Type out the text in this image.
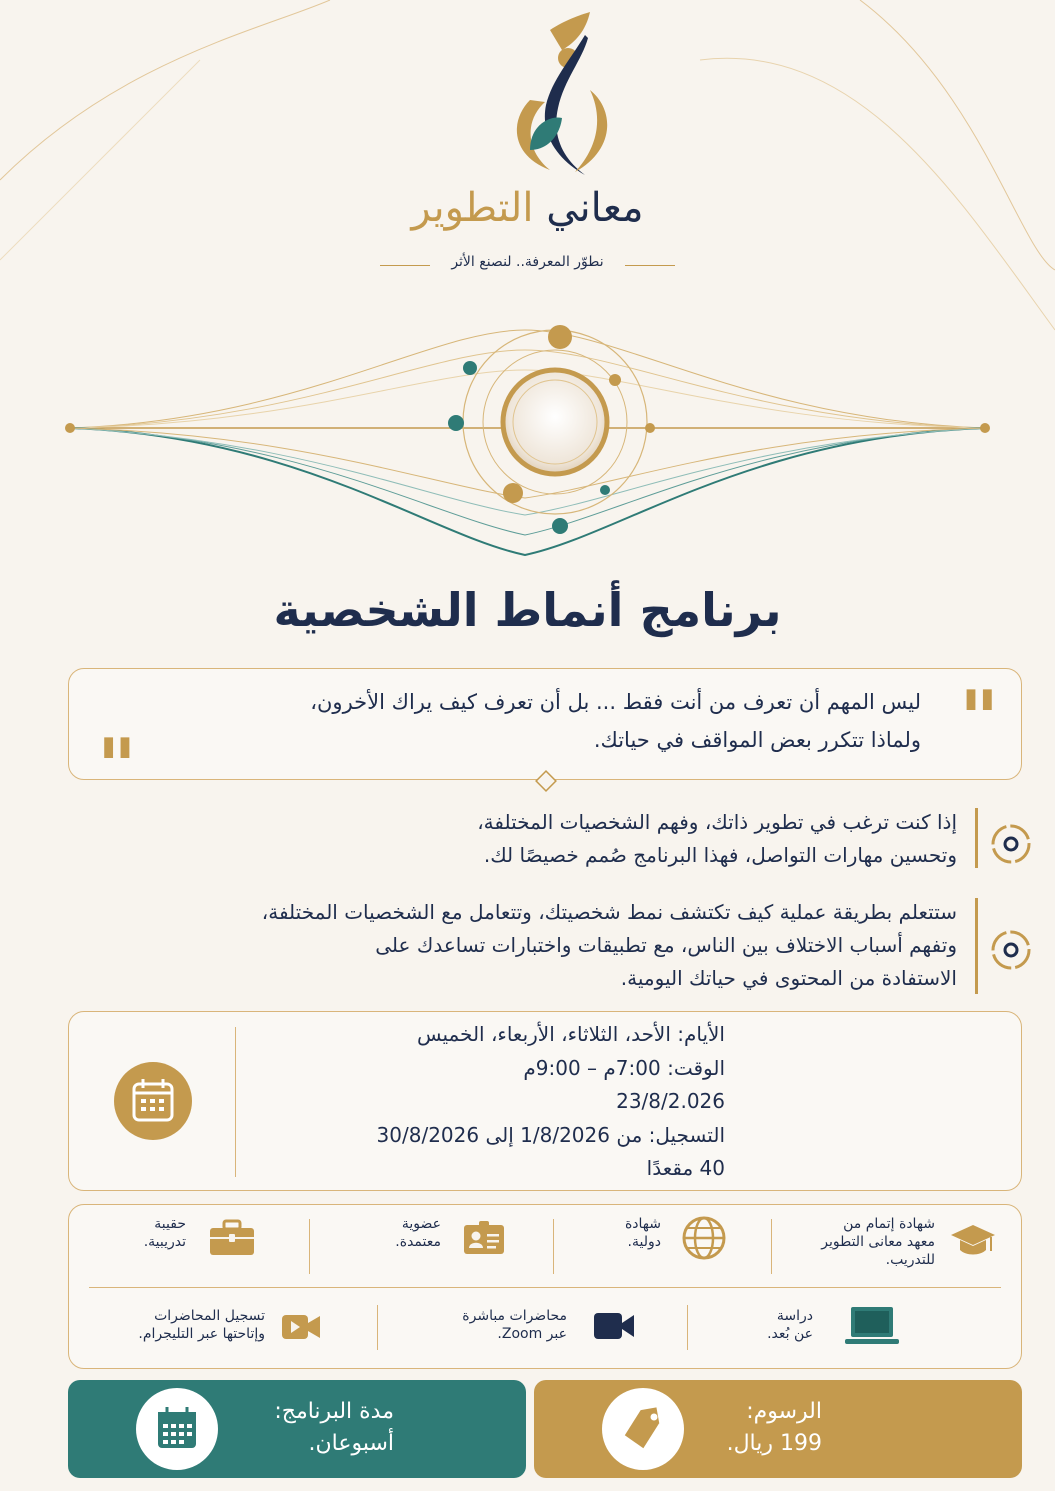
معاني التطوير
نطوّر المعرفة.. لنصنع الأثر
برنامج أنماط الشخصية
"
"
ليس المهم أن تعرف من أنت فقط ... بل أن تعرف كيف يراك الأخرون،
ولماذا تتكرر بعض المواقف في حياتك.
إذا كنت ترغب في تطوير ذاتك، وفهم الشخصيات المختلفة،
وتحسين مهارات التواصل، فهذا البرنامج صُمم خصيصًا لك.
ستتعلم بطريقة عملية كيف تكتشف نمط شخصيتك، وتتعامل مع الشخصيات المختلفة،
وتفهم أسباب الاختلاف بين الناس، مع تطبيقات واختبارات تساعدك على
الاستفادة من المحتوى في حياتك اليومية.
الأيام: الأحد، الثلاثاء، الأربعاء، الخميس
الوقت: 7:00م – 9:00م
23/8/2.026
التسجيل: من 1/8/2026 إلى 30/8/2026
40 مقعدًا
شهادة إتمام من
معهد معانى التطوير
للتدريب.
شهادة
دولية.
عضوية
معتمدة.
حقيبة
تدريبية.
دراسة
عن بُعد.
محاضرات مباشرة
عبر Zoom.
تسجيل المحاضرات
وإتاحتها عبر التليجرام.
الرسوم:
199 ريال.
مدة البرنامج:
أسبوعان.
